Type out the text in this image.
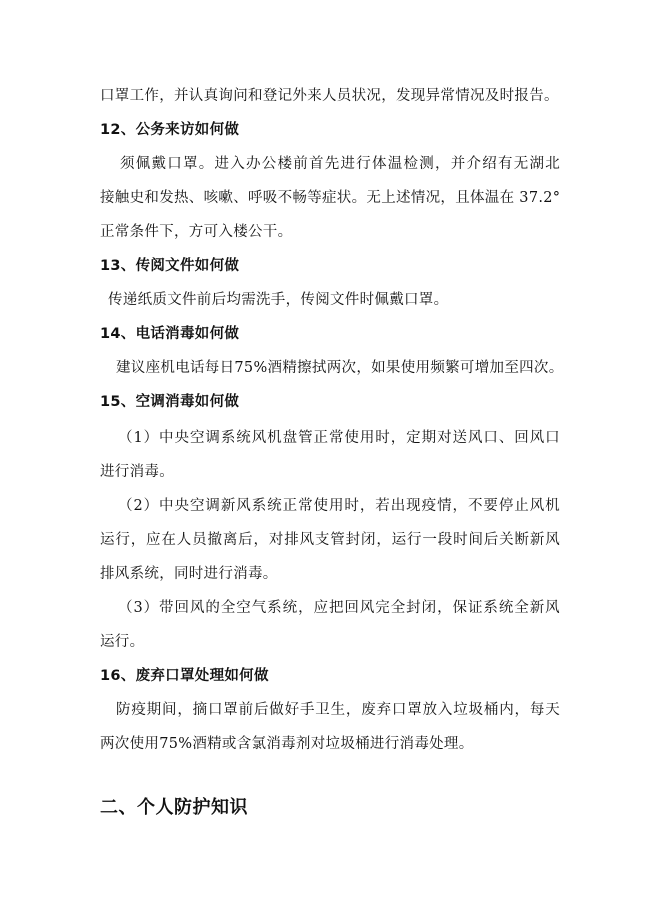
口罩工作，并认真询问和登记外来人员状况，发现异常情况及时报告。
12、公务来访如何做
须佩戴口罩。进入办公楼前首先进行体温检测，并介绍有无湖北
接触史和发热、咳嗽、呼吸不畅等症状。无上述情况，且体温在 37.2°
正常条件下，方可入楼公干。
13、传阅文件如何做
传递纸质文件前后均需洗手，传阅文件时佩戴口罩。
14、电话消毒如何做
建议座机电话每日75%酒精擦拭两次，如果使用频繁可增加至四次。
15、空调消毒如何做
（1）中央空调系统风机盘管正常使用时，定期对送风口、回风口
进行消毒。
（2）中央空调新风系统正常使用时，若出现疫情，不要停止风机
运行，应在人员撤离后，对排风支管封闭，运行一段时间后关断新风
排风系统，同时进行消毒。
（3）带回风的全空气系统，应把回风完全封闭，保证系统全新风
运行。
16、废弃口罩处理如何做
防疫期间，摘口罩前后做好手卫生，废弃口罩放入垃圾桶内，每天
两次使用75%酒精或含氯消毒剂对垃圾桶进行消毒处理。
二、个人防护知识
